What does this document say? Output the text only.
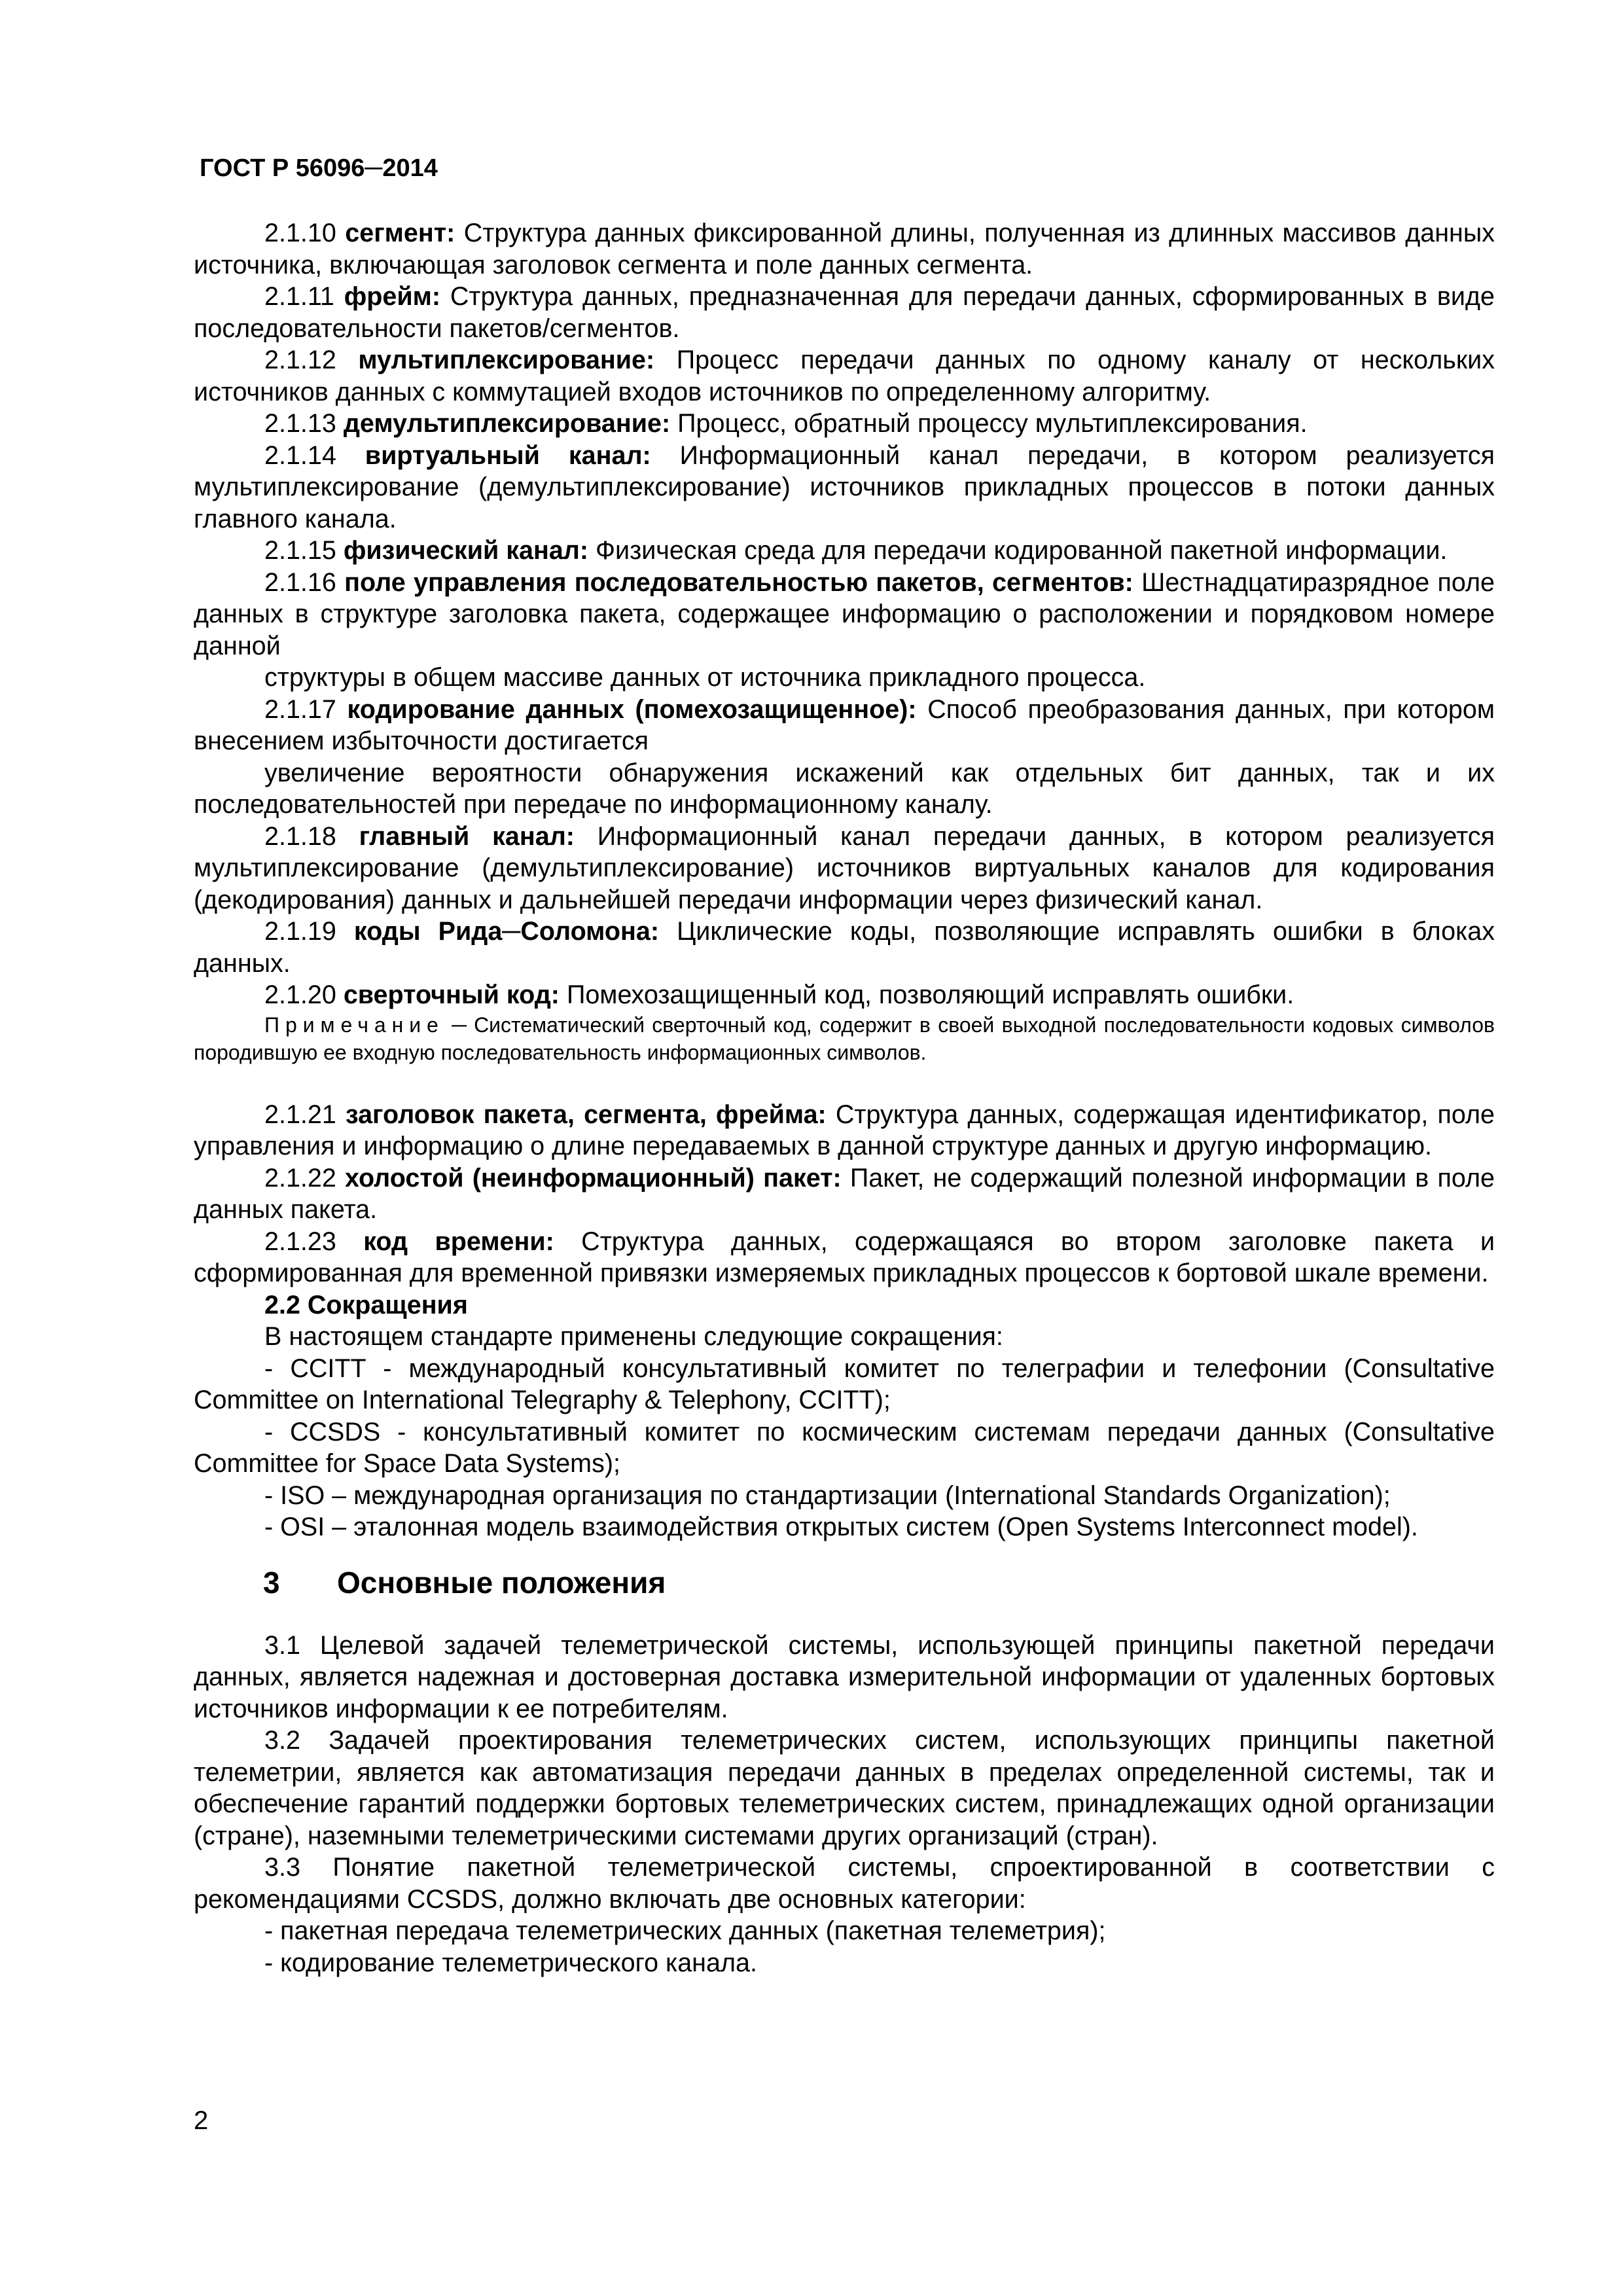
ГОСТ Р 56096─2014

2.1.10 сегмент: Структура данных фиксированной длины, полученная из длинных массивов данных источника, включающая заголовок сегмента и поле данных сегмента.

2.1.11 фрейм: Структура данных, предназначенная для передачи данных, сформированных в виде последовательности пакетов/сегментов.

2.1.12 мультиплексирование: Процесс передачи данных по одному каналу от нескольких источников данных с коммутацией входов источников по определенному алгоритму.

2.1.13 демультиплексирование: Процесс, обратный процессу мультиплексирования.

2.1.14 виртуальный канал: Информационный канал передачи, в котором реализуется мультиплексирование (демультиплексирование) источников прикладных процессов в потоки данных главного канала.

2.1.15 физический канал: Физическая среда для передачи кодированной пакетной информации.

2.1.16 поле управления последовательностью пакетов, сегментов: Шестнадцатиразрядное поле данных в структуре заголовка пакета, содержащее информацию о расположении и порядковом номере данной

структуры в общем массиве данных от источника прикладного процесса.

2.1.17 кодирование данных (помехозащищенное): Способ преобразования данных, при котором внесением избыточности достигается

увеличение вероятности обнаружения искажений как отдельных бит данных, так и их последовательностей при передаче по информационному каналу.

2.1.18 главный канал: Информационный канал передачи данных, в котором реализуется мультиплексирование (демультиплексирование) источников виртуальных каналов для кодирования (декодирования) данных и дальнейшей передачи информации через физический канал.

2.1.19 коды Рида─Соломона: Циклические коды, позволяющие исправлять ошибки в блоках данных.

2.1.20 сверточный код: Помехозащищенный код, позволяющий исправлять ошибки.

Примечание ─ Систематический сверточный код, содержит в своей выходной последовательности кодовых символов породившую ее входную последовательность информационных символов.

2.1.21 заголовок пакета, сегмента, фрейма: Структура данных, содержащая идентификатор, поле управления и информацию о длине передаваемых в данной структуре данных и другую информацию.

2.1.22 холостой (неинформационный) пакет: Пакет, не содержащий полезной информации в поле данных пакета.

2.1.23 код времени: Структура данных, содержащаяся во втором заголовке пакета и сформированная для временной привязки измеряемых прикладных процессов к бортовой шкале времени.

2.2 Сокращения

В настоящем стандарте применены следующие сокращения:

- CCITT - международный консультативный комитет по телеграфии и телефонии (Consultative Committee on International Telegraphy & Telephony, CCITT);

- CCSDS - консультативный комитет по космическим системам передачи данных (Consultative Committee for Space Data Systems);

- ISO – международная организация по стандартизации (International Standards Organization);

- OSI – эталонная модель взаимодействия открытых систем (Open Systems Interconnect model).

3 Основные положения

3.1 Целевой задачей телеметрической системы, использующей принципы пакетной передачи данных, является надежная и достоверная доставка измерительной информации от удаленных бортовых источников информации к ее потребителям.

3.2 Задачей проектирования телеметрических систем, использующих принципы пакетной телеметрии, является как автоматизация передачи данных в пределах определенной системы, так и обеспечение гарантий поддержки бортовых телеметрических систем, принадлежащих одной организации (стране), наземными телеметрическими системами других организаций (стран).

3.3 Понятие пакетной телеметрической системы, спроектированной в соответствии с рекомендациями CCSDS, должно включать две основных категории:

- пакетная передача телеметрических данных (пакетная телеметрия);

- кодирование телеметрического канала.

2
